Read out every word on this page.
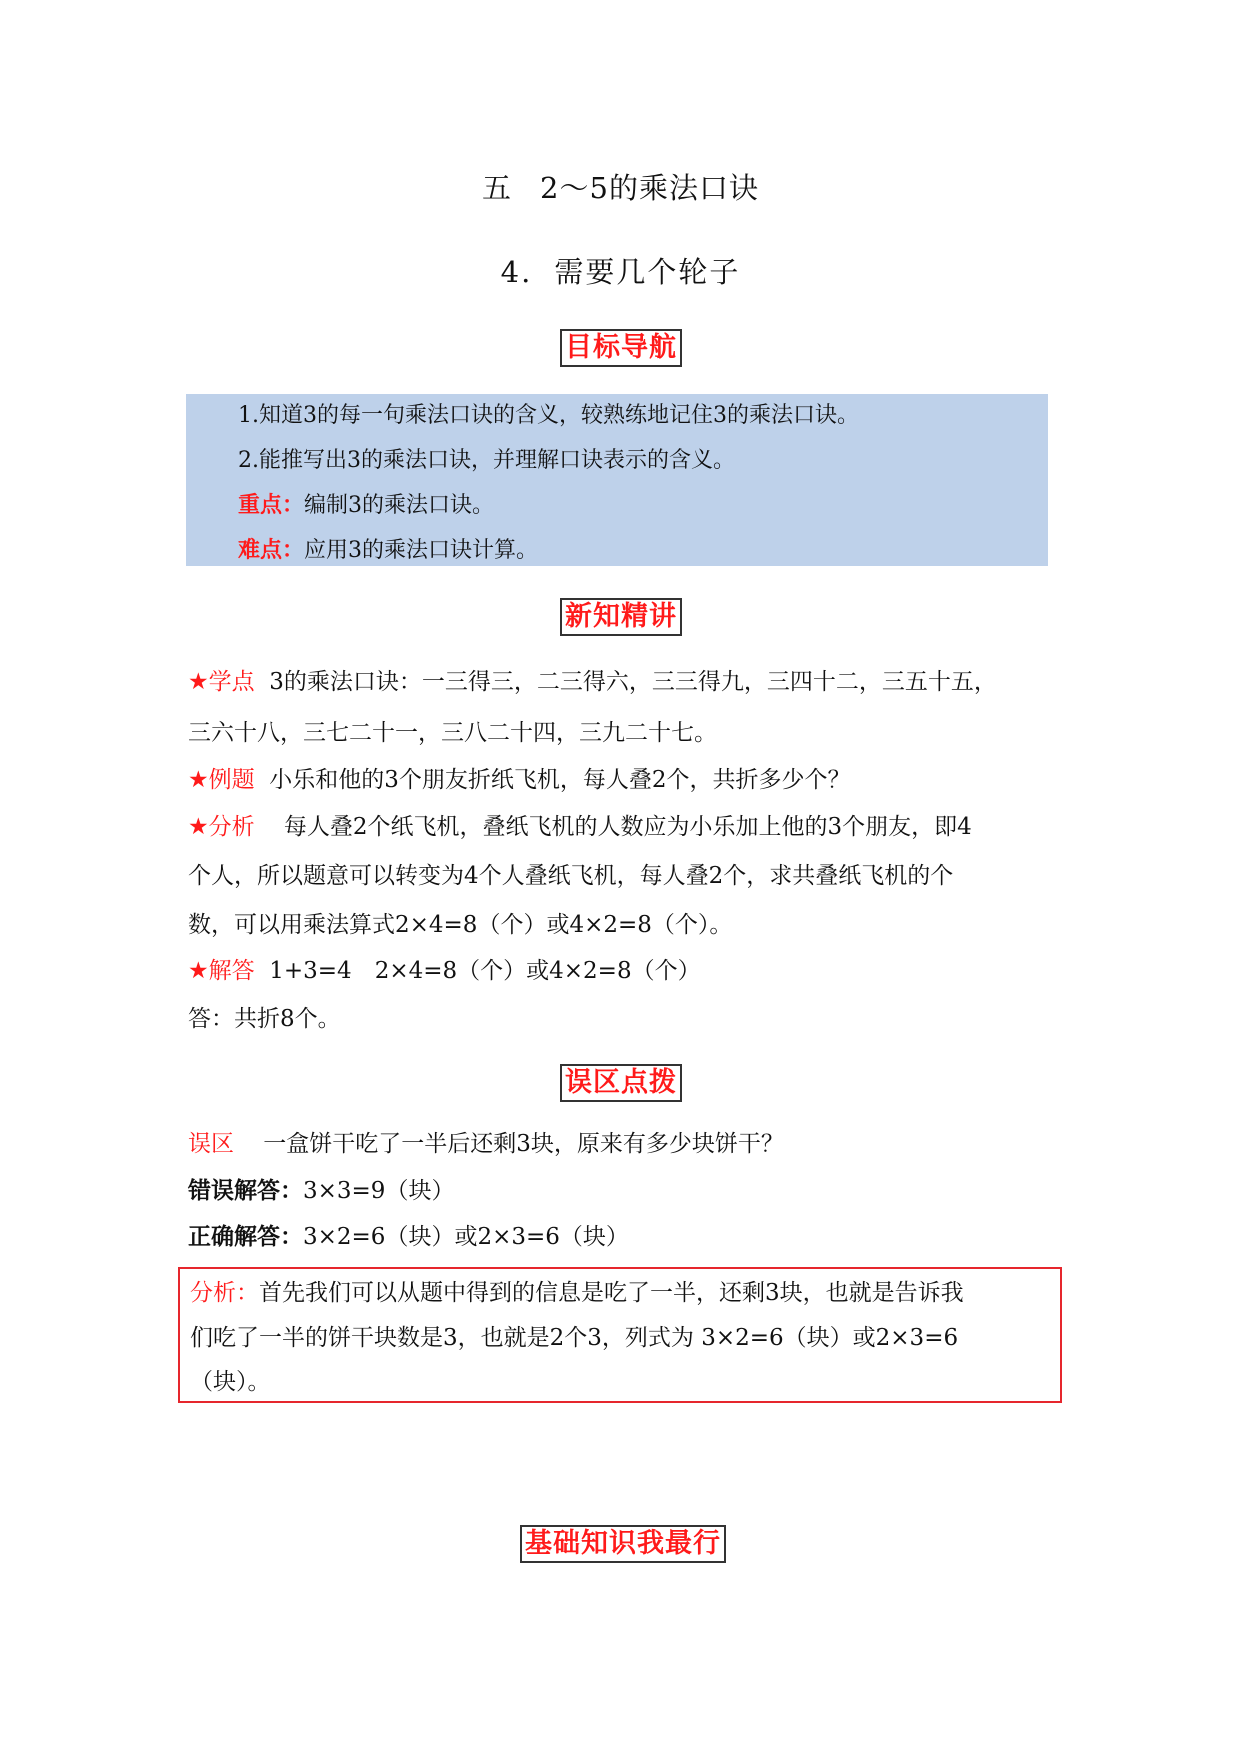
五 2～5的乘法口诀
4. 需要几个轮子
目标导航
1.知道3的每一句乘法口诀的含义，较熟练地记住3的乘法口诀。
2.能推写出3的乘法口诀，并理解口诀表示的含义。
重点：编制3的乘法口诀。
难点：应用3的乘法口诀计算。
新知精讲
★学点 3的乘法口诀：一三得三，二三得六，三三得九，三四十二，三五十五，
三六十八，三七二十一，三八二十四，三九二十七。
★例题 小乐和他的3个朋友折纸飞机，每人叠2个，共折多少个？
★分析 每人叠2个纸飞机，叠纸飞机的人数应为小乐加上他的3个朋友，即4
个人，所以题意可以转变为4个人叠纸飞机，每人叠2个，求共叠纸飞机的个
数，可以用乘法算式2×4=8（个）或4×2=8（个）。
★解答 1+3=4　2×4=8（个）或4×2=8（个）
答：共折8个。
误区点拨
误区 一盒饼干吃了一半后还剩3块，原来有多少块饼干？
错误解答：3×3=9（块）
正确解答：3×2=6（块）或2×3=6（块）
分析：首先我们可以从题中得到的信息是吃了一半，还剩3块，也就是告诉我
们吃了一半的饼干块数是3，也就是2个3，列式为 3×2=6（块）或2×3=6
（块）。
基础知识我最行
